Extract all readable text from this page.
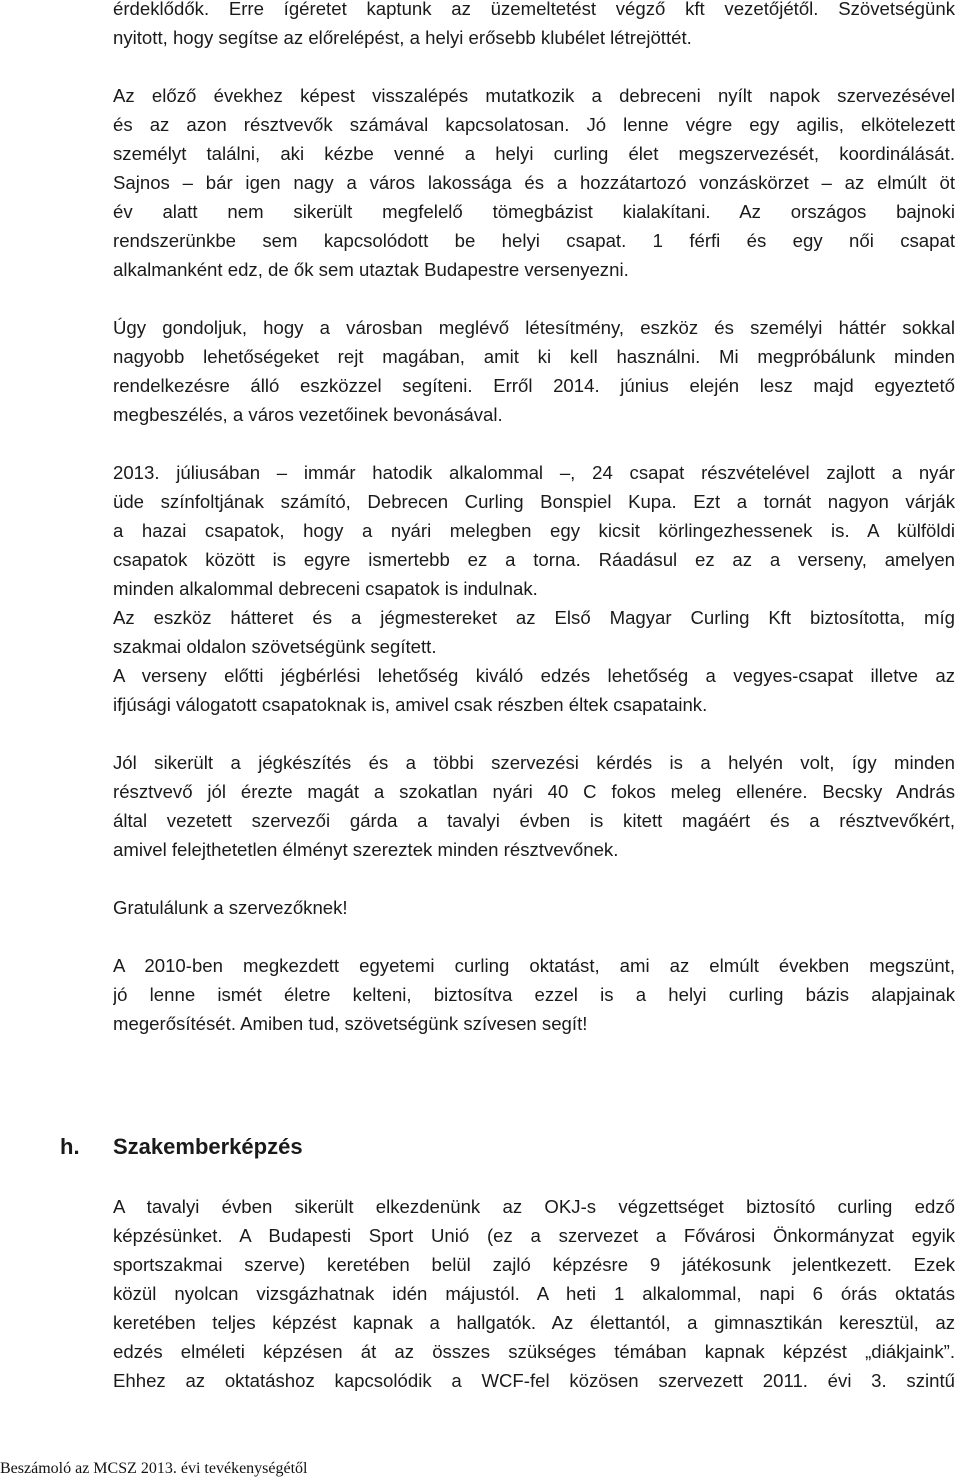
érdeklődők. Erre ígéretet kaptunk az üzemeltetést végző kft vezetőjétől. Szövetségünk
nyitott, hogy segítse az előrelépést, a helyi erősebb klubélet létrejöttét.

Az előző évekhez képest visszalépés mutatkozik a debreceni nyílt napok szervezésével
és az azon résztvevők számával kapcsolatosan. Jó lenne végre egy agilis, elkötelezett
személyt találni, aki kézbe venné a helyi curling élet megszervezését, koordinálását.
Sajnos – bár igen nagy a város lakossága és a hozzátartozó vonzáskörzet – az elmúlt öt
év alatt nem sikerült megfelelő tömegbázist kialakítani. Az országos bajnoki
rendszerünkbe sem kapcsolódott be helyi csapat. 1 férfi és egy női csapat
alkalmanként edz, de ők sem utaztak Budapestre versenyezni.

Úgy gondoljuk, hogy a városban meglévő létesítmény, eszköz és személyi háttér sokkal
nagyobb lehetőségeket rejt magában, amit ki kell használni. Mi megpróbálunk minden
rendelkezésre álló eszközzel segíteni. Erről 2014. június elején lesz majd egyeztető
megbeszélés, a város vezetőinek bevonásával.

2013. júliusában – immár hatodik alkalommal –, 24 csapat részvételével zajlott a nyár
üde színfoltjának számító, Debrecen Curling Bonspiel Kupa. Ezt a tornát nagyon várják
a hazai csapatok, hogy a nyári melegben egy kicsit körlingezhessenek is. A külföldi
csapatok között is egyre ismertebb ez a torna. Ráadásul ez az a verseny, amelyen
minden alkalommal debreceni csapatok is indulnak.

Az eszköz hátteret és a jégmestereket az Első Magyar Curling Kft biztosította, míg
szakmai oldalon szövetségünk segített.

A verseny előtti jégbérlési lehetőség kiváló edzés lehetőség a vegyes-csapat illetve az
ifjúsági válogatott csapatoknak is, amivel csak részben éltek csapataink.

Jól sikerült a jégkészítés és a többi szervezési kérdés is a helyén volt, így minden
résztvevő jól érezte magát a szokatlan nyári 40 C fokos meleg ellenére. Becsky András
által vezetett szervezői gárda a tavalyi évben is kitett magáért és a résztvevőkért,
amivel felejthetetlen élményt szereztek minden résztvevőnek.

Gratulálunk a szervezőknek!

A 2010-ben megkezdett egyetemi curling oktatást, ami az elmúlt években megszünt,
jó lenne ismét életre kelteni, biztosítva ezzel is a helyi curling bázis alapjainak
megerősítését. Amiben tud, szövetségünk szívesen segít!

h. Szakemberképzés

A tavalyi évben sikerült elkezdenünk az OKJ-s végzettséget biztosító curling edző
képzésünket. A Budapesti Sport Unió (ez a szervezet a Fővárosi Önkormányzat egyik
sportszakmai szerve) keretében belül zajló képzésre 9 játékosunk jelentkezett. Ezek
közül nyolcan vizsgázhatnak idén májustól. A heti 1 alkalommal, napi 6 órás oktatás
keretében teljes képzést kapnak a hallgatók. Az élettantól, a gimnasztikán keresztül, az
edzés elméleti képzésen át az összes szükséges témában kapnak képzést „diákjaink”.
Ehhez az oktatáshoz kapcsolódik a WCF-fel közösen szervezett 2011. évi 3. szintű

Beszámoló az MCSZ 2013. évi tevékenységétől
